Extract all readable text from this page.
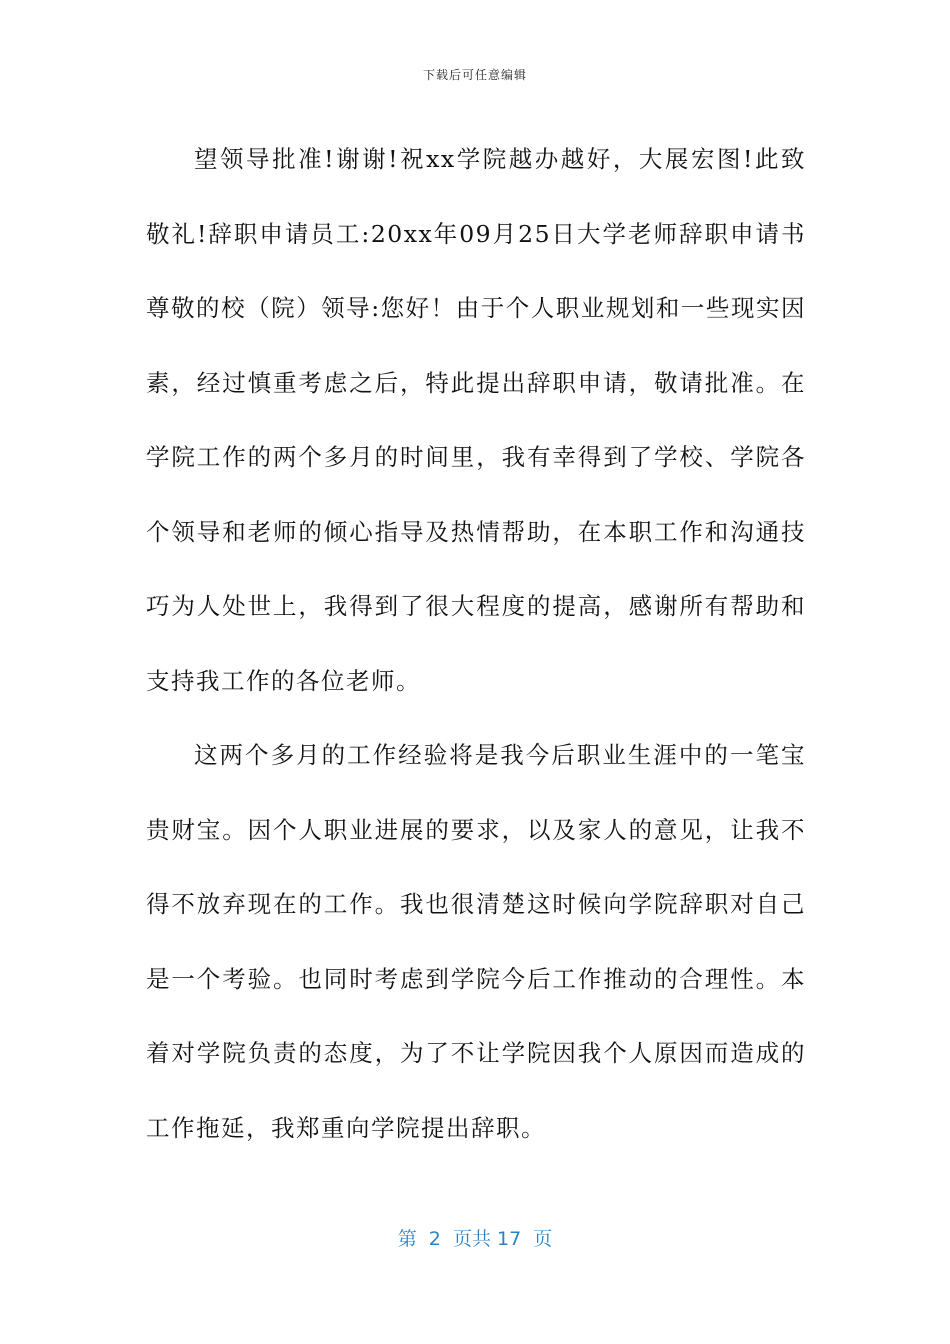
下载后可任意编辑

望领导批准!谢谢!祝xx学院越办越好，大展宏图!此致敬礼!辞职申请员工:20xx年09月25日大学老师辞职申请书尊敬的校（院）领导:您好！由于个人职业规划和一些现实因素，经过慎重考虑之后，特此提出辞职申请，敬请批准。在学院工作的两个多月的时间里，我有幸得到了学校、学院各个领导和老师的倾心指导及热情帮助，在本职工作和沟通技巧为人处世上，我得到了很大程度的提高，感谢所有帮助和支持我工作的各位老师。

这两个多月的工作经验将是我今后职业生涯中的一笔宝贵财宝。因个人职业进展的要求，以及家人的意见，让我不得不放弃现在的工作。我也很清楚这时候向学院辞职对自己是一个考验。也同时考虑到学院今后工作推动的合理性。本着对学院负责的态度，为了不让学院因我个人原因而造成的工作拖延，我郑重向学院提出辞职。

第  2  页共 17  页
